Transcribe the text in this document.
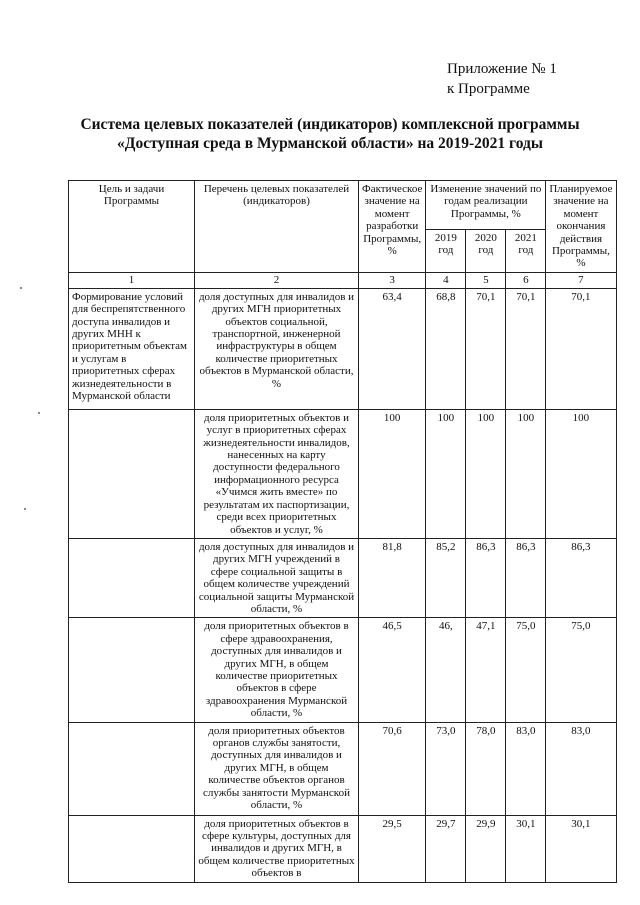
Приложение № 1
к Программе
Система целевых показателей (индикаторов) комплексной программы
«Доступная среда в Мурманской области» на 2019-2021 годы
Цель и задачи Программы	Перечень целевых показателей (индикаторов)	Фактическое значение на момент разработки Программы, %	Изменение значений по годам реализации Программы, %			Планируемое значение на момент окончания действия Программы, %
			2019 год	2020 год	2021 год	
1	2	3	4	5	6	7
Формирование условий для беспрепятственного доступа инвалидов и других МНН к приоритетным объектам и услугам в приоритетных сферах жизнедеятельности в Мурманской области	доля доступных для инвалидов и других МГН приоритетных объектов социальной, транспортной, инженерной инфраструктуры в общем количестве приоритетных объектов в Мурманской области, %	63,4	68,8	70,1	70,1	70,1
	доля приоритетных объектов и услуг в приоритетных сферах жизнедеятельности инвалидов, нанесенных на карту доступности федерального информационного ресурса «Учимся жить вместе» по результатам их паспортизации, среди всех приоритетных объектов и услуг, %	100	100	100	100	100
	доля доступных для инвалидов и других МГН учреждений в сфере социальной защиты в общем количестве учреждений социальной защиты Мурманской области, %	81,8	85,2	86,3	86,3	86,3
	доля приоритетных объектов в сфере здравоохранения, доступных для инвалидов и других МГН, в общем количестве приоритетных объектов в сфере здравоохранения Мурманской области, %	46,5	46,	47,1	75,0	75,0
	доля приоритетных объектов органов службы занятости, доступных для инвалидов и других МГН, в общем количестве объектов органов службы занятости Мурманской области, %	70,6	73,0	78,0	83,0	83,0
	доля приоритетных объектов в сфере культуры, доступных для инвалидов и других МГН, в общем количестве приоритетных объектов в	29,5	29,7	29,9	30,1	30,1
